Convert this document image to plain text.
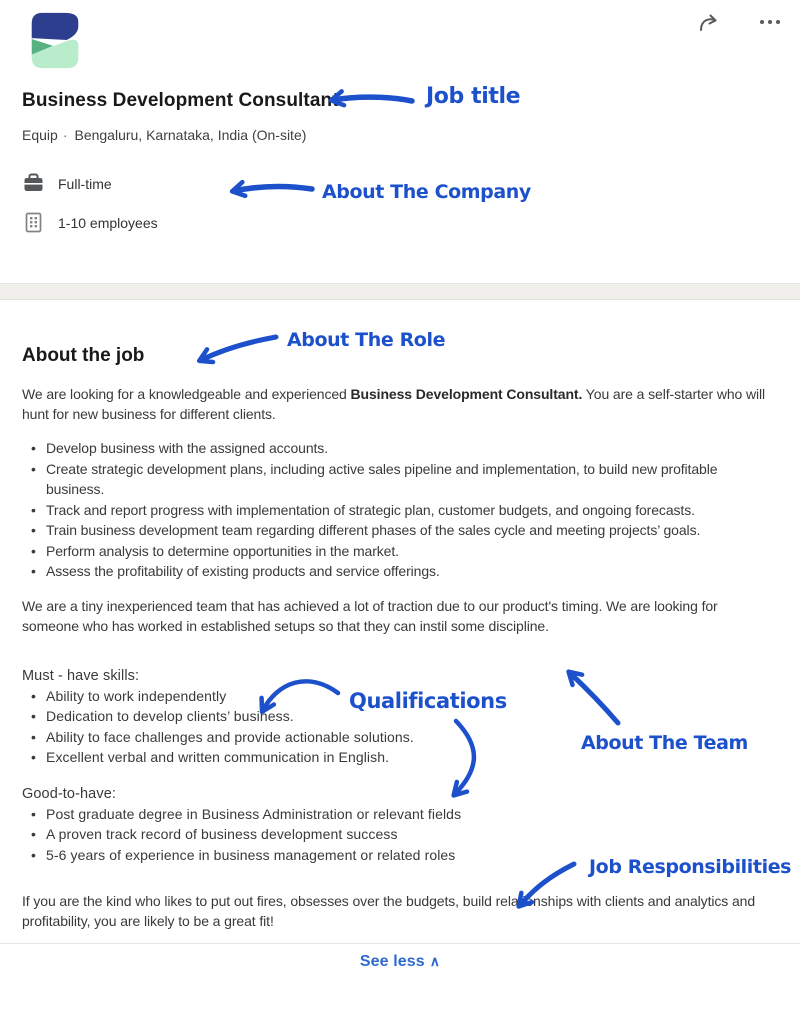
Business Development Consultant
Equip · Bengaluru, Karnataka, India (On-site)
Full-time
1-10 employees
About the job

We are looking for a knowledgeable and experienced Business Development Consultant. You are a self-starter who will hunt for new business for different clients.

• Develop business with the assigned accounts.
• Create strategic development plans, including active sales pipeline and implementation, to build new profitable business.
• Track and report progress with implementation of strategic plan, customer budgets, and ongoing forecasts.
• Train business development team regarding different phases of the sales cycle and meeting projects’ goals.
• Perform analysis to determine opportunities in the market.
• Assess the profitability of existing products and service offerings.

We are a tiny inexperienced team that has achieved a lot of traction due to our product's timing. We are looking for someone who has worked in established setups so that they can instil some discipline.

Must - have skills:

• Ability to work independently
• Dedication to develop clients’ business.
• Ability to face challenges and provide actionable solutions.
• Excellent verbal and written communication in English.

Good-to-have:

• Post graduate degree in Business Administration or relevant fields
• A proven track record of business development success
• 5-6 years of experience in business management or related roles

If you are the kind who likes to put out fires, obsesses over the budgets, build relationships with clients and analytics and profitability, you are likely to be a great fit!

See less ∧
Job title
About The Company
About The Role
Qualifications
About The Team
Job Responsibilities
